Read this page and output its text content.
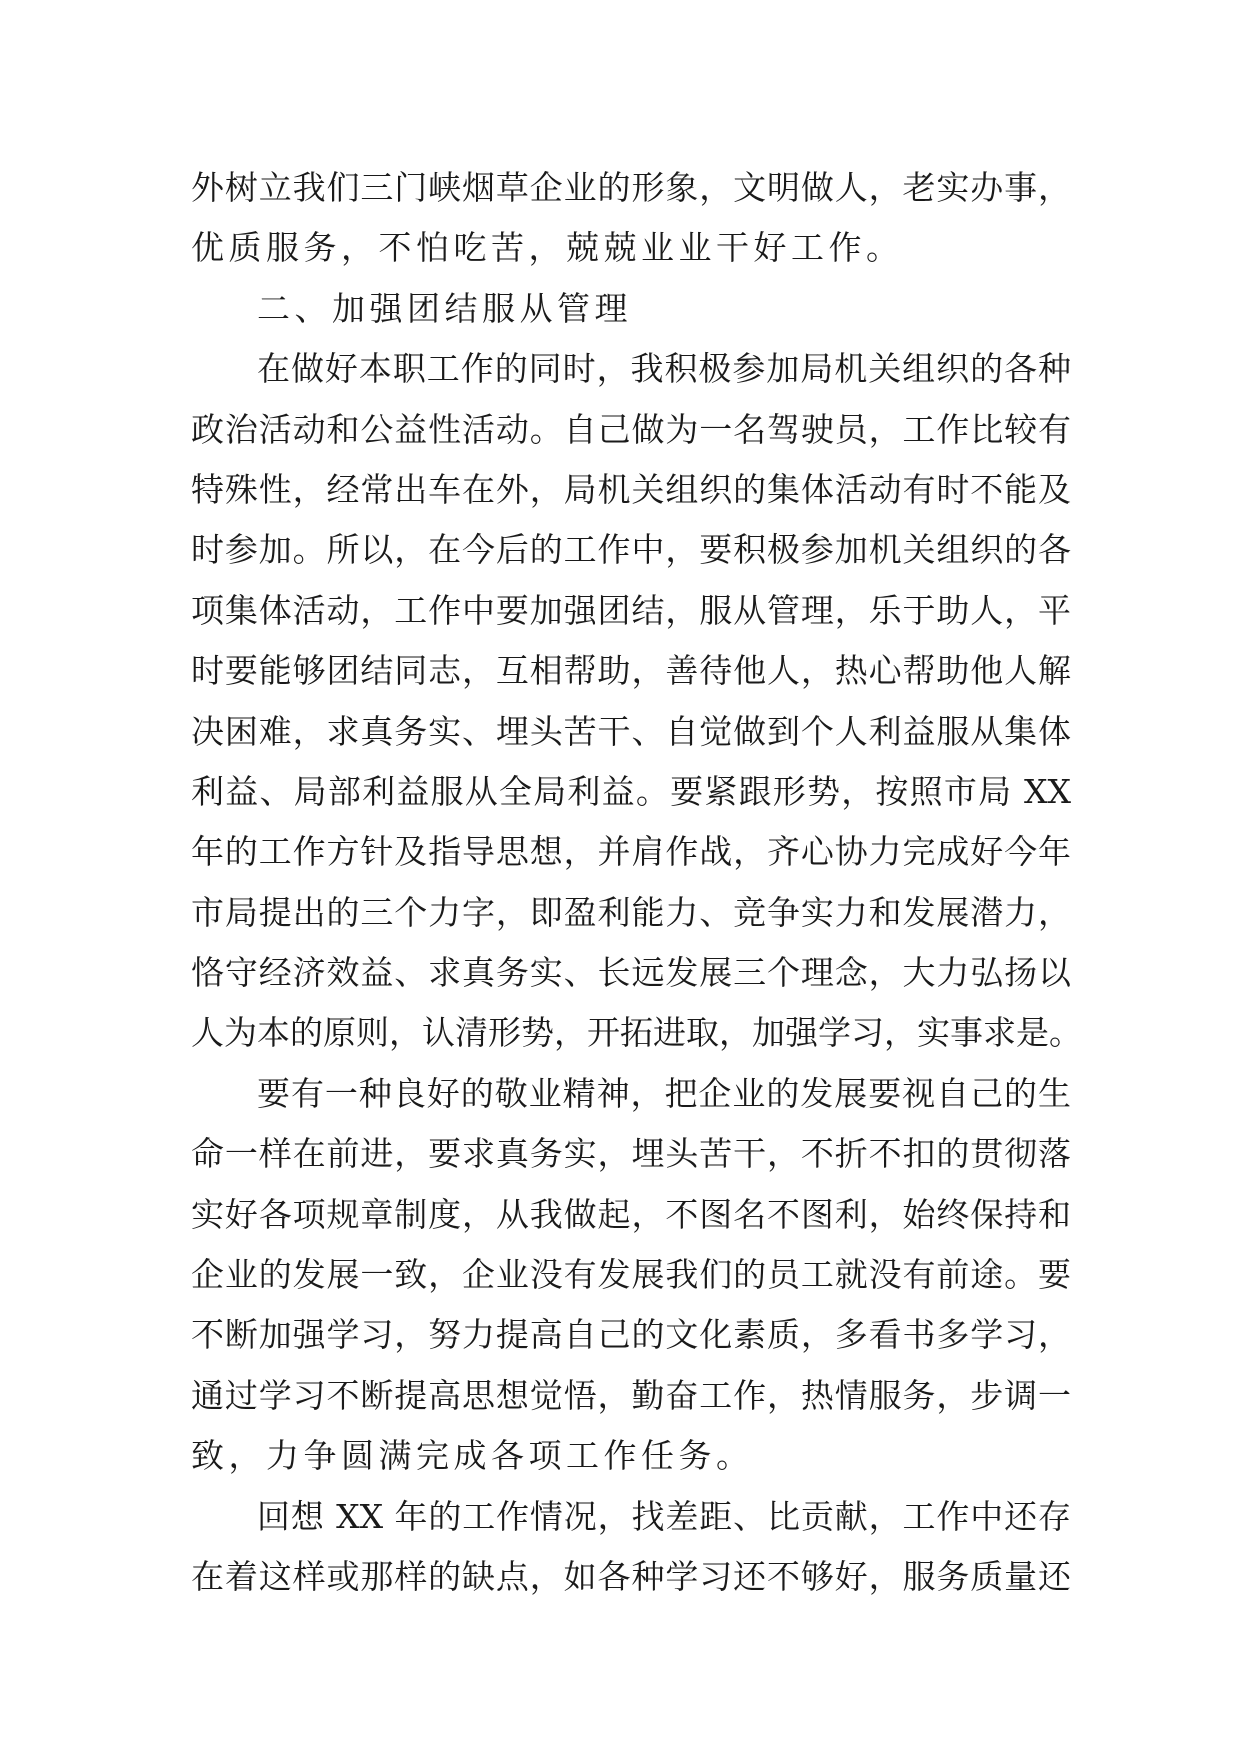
外树立我们三门峡烟草企业的形象，文明做人，老实办事，
优质服务，不怕吃苦，兢兢业业干好工作。
二、加强团结服从管理
在做好本职工作的同时，我积极参加局机关组织的各种
政治活动和公益性活动。自己做为一名驾驶员，工作比较有
特殊性，经常出车在外，局机关组织的集体活动有时不能及
时参加。所以，在今后的工作中，要积极参加机关组织的各
项集体活动，工作中要加强团结，服从管理，乐于助人，平
时要能够团结同志，互相帮助，善待他人，热心帮助他人解
决困难，求真务实、埋头苦干、自觉做到个人利益服从集体
利益、局部利益服从全局利益。要紧跟形势，按照市局 XX
年的工作方针及指导思想，并肩作战，齐心协力完成好今年
市局提出的三个力字，即盈利能力、竞争实力和发展潜力，
恪守经济效益、求真务实、长远发展三个理念，大力弘扬以
人为本的原则，认清形势，开拓进取，加强学习，实事求是。
要有一种良好的敬业精神，把企业的发展要视自己的生
命一样在前进，要求真务实，埋头苦干，不折不扣的贯彻落
实好各项规章制度，从我做起，不图名不图利，始终保持和
企业的发展一致，企业没有发展我们的员工就没有前途。要
不断加强学习，努力提高自己的文化素质，多看书多学习，
通过学习不断提高思想觉悟，勤奋工作，热情服务，步调一
致，力争圆满完成各项工作任务。
回想 XX 年的工作情况，找差距、比贡献，工作中还存
在着这样或那样的缺点，如各种学习还不够好，服务质量还
